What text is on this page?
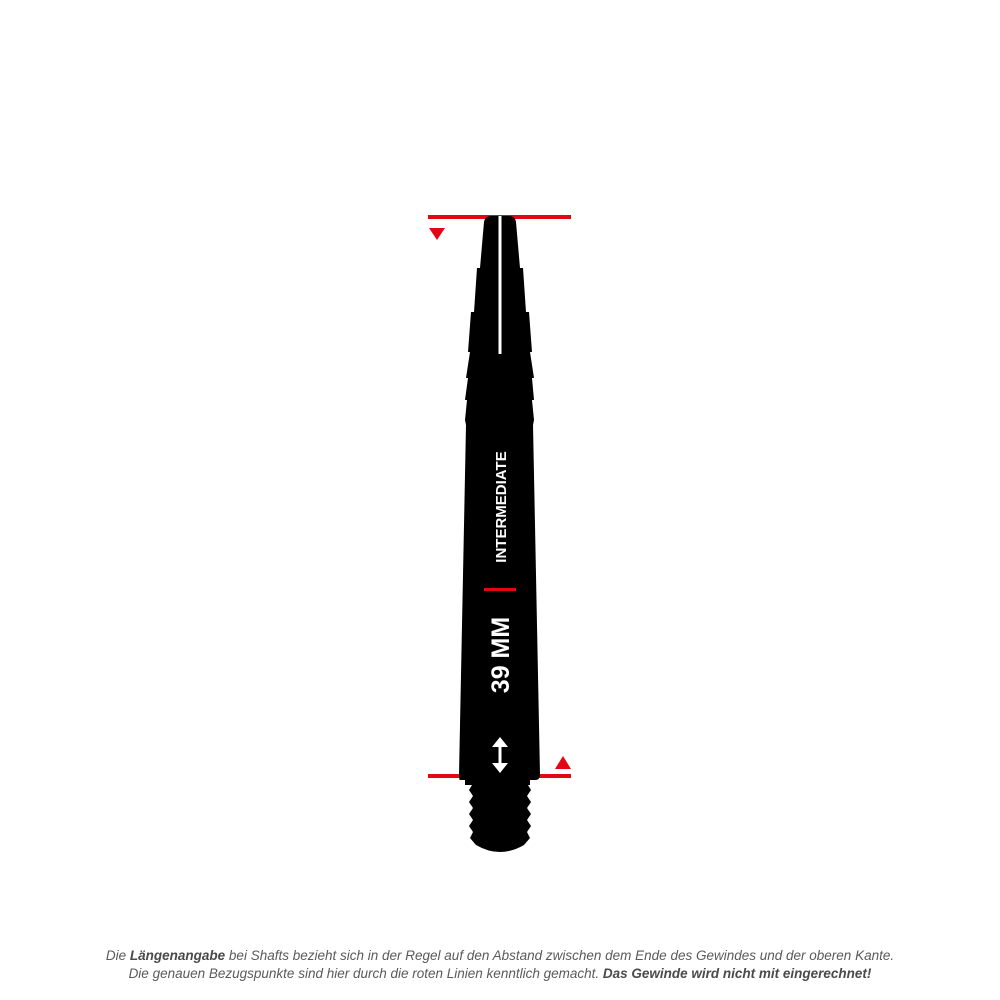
INTERMEDIATE
39 MM
Die Längenangabe bei Shafts bezieht sich in der Regel auf den Abstand zwischen dem Ende des Gewindes und der oberen Kante.
Die genauen Bezugspunkte sind hier durch die roten Linien kenntlich gemacht. Das Gewinde wird nicht mit eingerechnet!
